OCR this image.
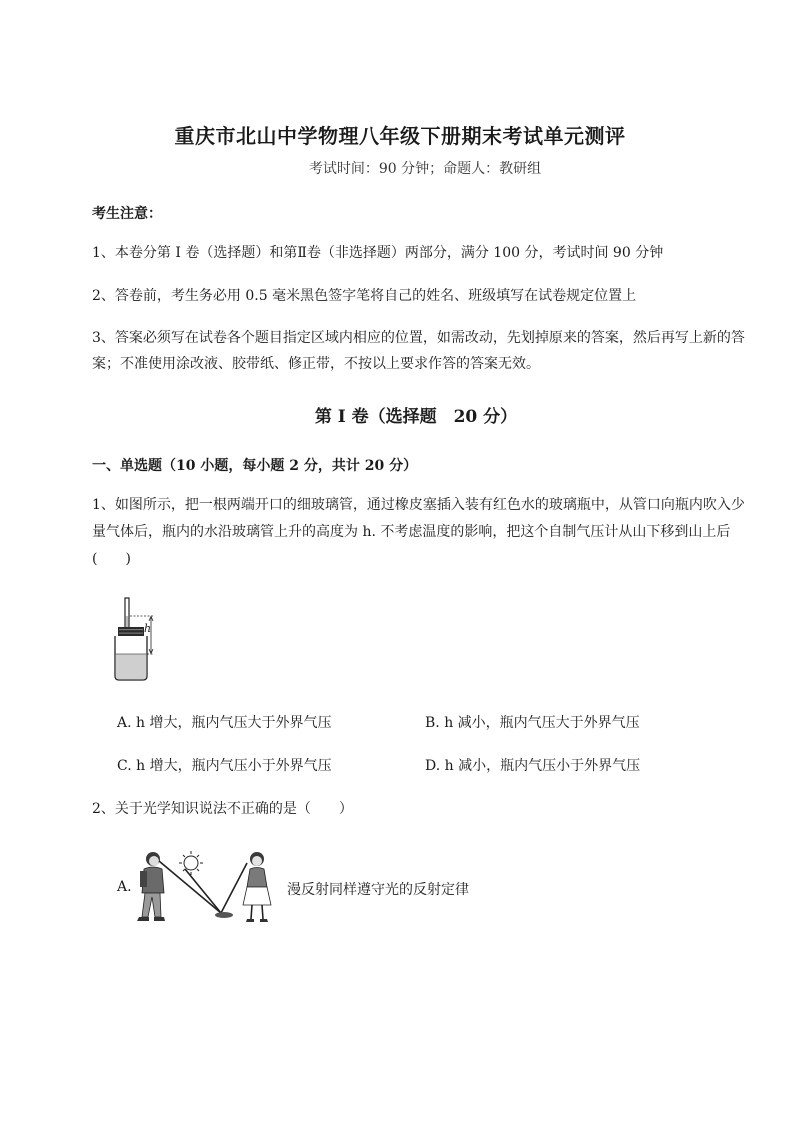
重庆市北山中学物理八年级下册期末考试单元测评
考试时间：90 分钟；命题人：教研组
考生注意：
1、本卷分第 I 卷（选择题）和第Ⅱ卷（非选择题）两部分，满分 100 分，考试时间 90 分钟
2、答卷前，考生务必用 0.5 毫米黑色签字笔将自己的姓名、班级填写在试卷规定位置上
3、答案必须写在试卷各个题目指定区域内相应的位置，如需改动，先划掉原来的答案，然后再写上新的答案；不准使用涂改液、胶带纸、修正带，不按以上要求作答的答案无效。
第 I 卷（选择题　20 分）
一、单选题（10 小题，每小题 2 分，共计 20 分）
1、如图所示，把一根两端开口的细玻璃管，通过橡皮塞插入装有红色水的玻璃瓶中，从管口向瓶内吹入少量气体后，瓶内的水沿玻璃管上升的高度为 h. 不考虑温度的影响，把这个自制气压计从山下移到山上后(　　)
h
A. h 增大，瓶内气压大于外界气压	B. h 减小，瓶内气压大于外界气压
C. h 增大，瓶内气压小于外界气压	D. h 减小，瓶内气压小于外界气压
2、关于光学知识说法不正确的是（　　）
A.	漫反射同样遵守光的反射定律
